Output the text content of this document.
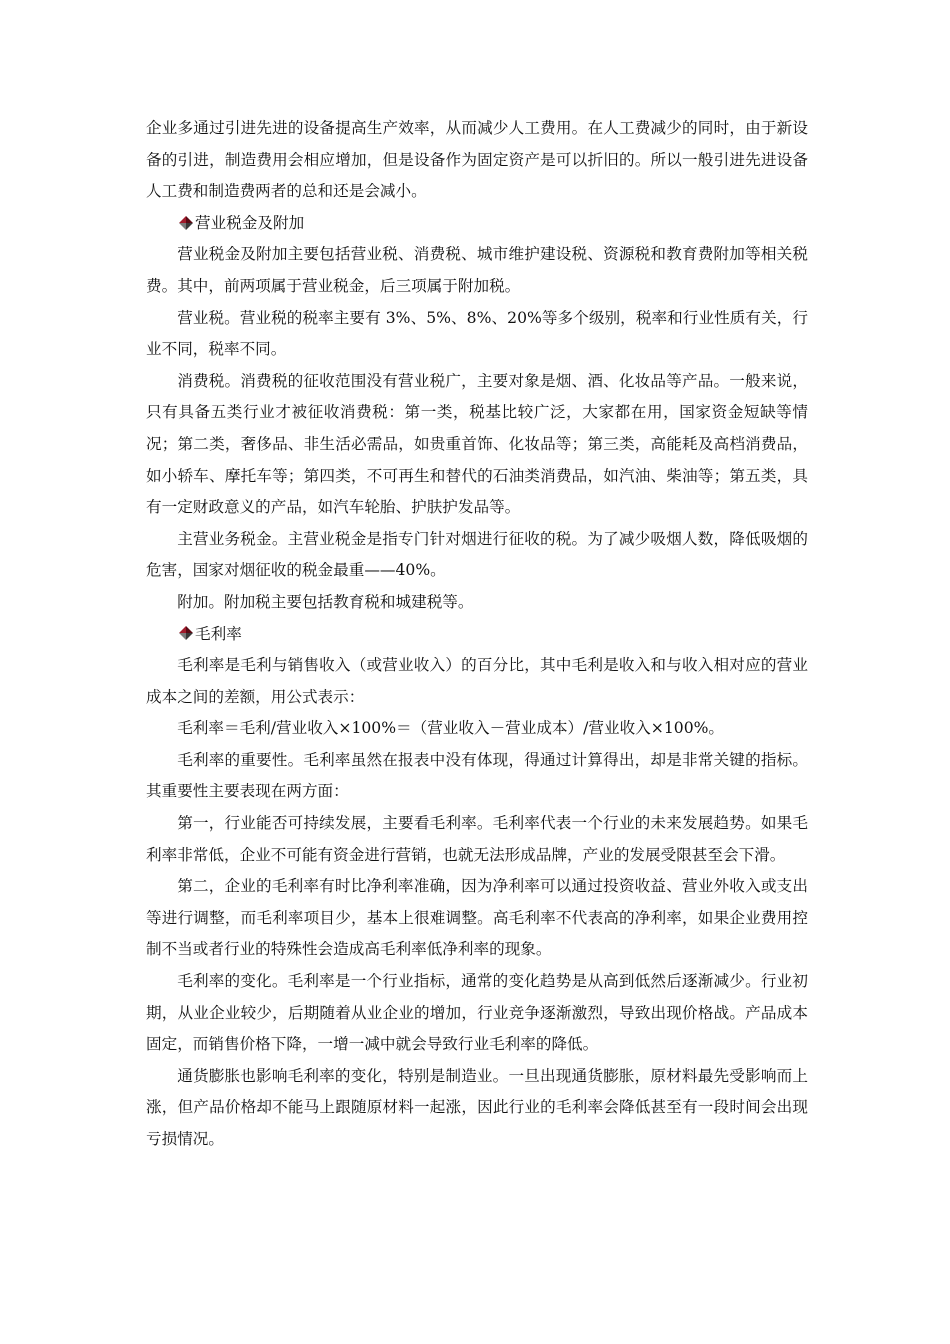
企业多通过引进先进的设备提高生产效率，从而减少人工费用。在人工费减少的同时，由于新设备的引进，制造费用会相应增加，但是设备作为固定资产是可以折旧的。所以一般引进先进设备人工费和制造费两者的总和还是会减小。

营业税金及附加

营业税金及附加主要包括营业税、消费税、城市维护建设税、资源税和教育费附加等相关税费。其中，前两项属于营业税金，后三项属于附加税。

营业税。营业税的税率主要有 3%、5%、8%、20%等多个级别，税率和行业性质有关，行业不同，税率不同。

消费税。消费税的征收范围没有营业税广，主要对象是烟、酒、化妆品等产品。一般来说，只有具备五类行业才被征收消费税：第一类，税基比较广泛，大家都在用，国家资金短缺等情况；第二类，奢侈品、非生活必需品，如贵重首饰、化妆品等；第三类，高能耗及高档消费品，如小轿车、摩托车等；第四类，不可再生和替代的石油类消费品，如汽油、柴油等；第五类，具有一定财政意义的产品，如汽车轮胎、护肤护发品等。

主营业务税金。主营业税金是指专门针对烟进行征收的税。为了减少吸烟人数，降低吸烟的危害，国家对烟征收的税金最重——40%。

附加。附加税主要包括教育税和城建税等。

毛利率

毛利率是毛利与销售收入（或营业收入）的百分比，其中毛利是收入和与收入相对应的营业成本之间的差额，用公式表示：

毛利率＝毛利/营业收入×100%＝（营业收入－营业成本）/营业收入×100%。

毛利率的重要性。毛利率虽然在报表中没有体现，得通过计算得出，却是非常关键的指标。其重要性主要表现在两方面：

第一，行业能否可持续发展，主要看毛利率。毛利率代表一个行业的未来发展趋势。如果毛利率非常低，企业不可能有资金进行营销，也就无法形成品牌，产业的发展受限甚至会下滑。

第二，企业的毛利率有时比净利率准确，因为净利率可以通过投资收益、营业外收入或支出等进行调整，而毛利率项目少，基本上很难调整。高毛利率不代表高的净利率，如果企业费用控制不当或者行业的特殊性会造成高毛利率低净利率的现象。

毛利率的变化。毛利率是一个行业指标，通常的变化趋势是从高到低然后逐渐减少。行业初期，从业企业较少，后期随着从业企业的增加，行业竞争逐渐激烈，导致出现价格战。产品成本固定，而销售价格下降，一增一减中就会导致行业毛利率的降低。

通货膨胀也影响毛利率的变化，特别是制造业。一旦出现通货膨胀，原材料最先受影响而上涨，但产品价格却不能马上跟随原材料一起涨，因此行业的毛利率会降低甚至有一段时间会出现亏损情况。
